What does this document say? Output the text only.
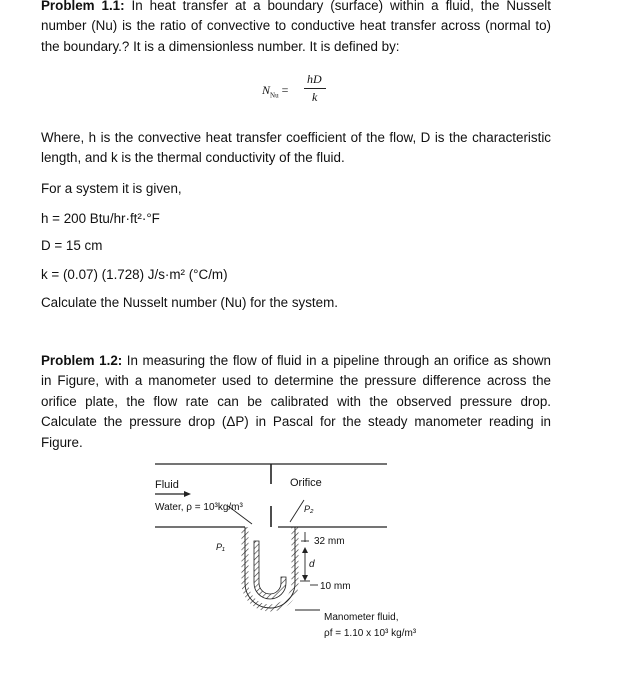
Problem 1.1: In heat transfer at a boundary (surface) within a fluid, the Nusselt number (Nu) is the ratio of convective to conductive heat transfer across (normal to) the boundary.? It is a dimensionless number. It is defined by:

$N_{Nu}$ =
hD
k

Where, h is the convective heat transfer coefficient of the flow, D is the characteristic length, and k is the thermal conductivity of the fluid.

For a system it is given,

h = 200 Btu/hr·ft²·°F

D = 15 cm

k = (0.07) (1.728) J/s·m² (°C/m)

Calculate the Nusselt number (Nu) for the system.

Problem 1.2: In measuring the flow of fluid in a pipeline through an orifice as shown in Figure, with a manometer used to determine the pressure difference across the orifice plate, the flow rate can be calibrated with the observed pressure drop. Calculate the pressure drop (ΔP) in Pascal for the steady manometer reading in Figure.

Fluid
Water, ρ = 10³kg/m³
Orifice
P₁
P₂
32 mm
d
10 mm
Manometer fluid,
ρf = 1.10 x 10³ kg/m³
